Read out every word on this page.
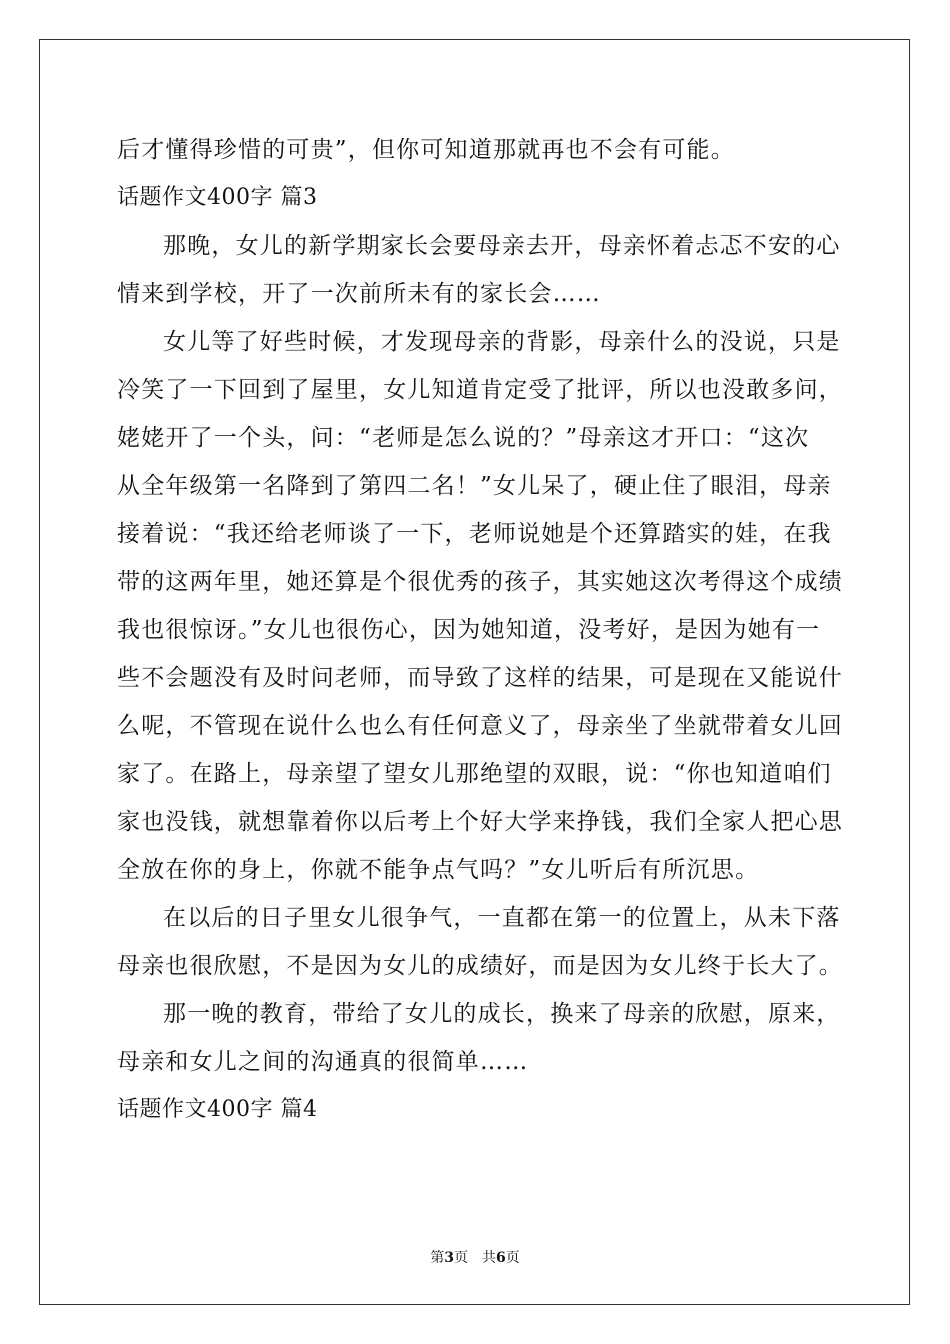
后才懂得珍惜的可贵”，但你可知道那就再也不会有可能。
话题作文400字 篇3
那晚，女儿的新学期家长会要母亲去开，母亲怀着忐忑不安的心
情来到学校，开了一次前所未有的家长会……
女儿等了好些时候，才发现母亲的背影，母亲什么的没说，只是
冷笑了一下回到了屋里，女儿知道肯定受了批评，所以也没敢多问，
姥姥开了一个头，问：“老师是怎么说的？”母亲这才开口：“这次
从全年级第一名降到了第四二名！”女儿呆了，硬止住了眼泪，母亲
接着说：“我还给老师谈了一下，老师说她是个还算踏实的娃，在我
带的这两年里，她还算是个很优秀的孩子，其实她这次考得这个成绩
我也很惊讶。”女儿也很伤心，因为她知道，没考好，是因为她有一
些不会题没有及时问老师，而导致了这样的结果，可是现在又能说什
么呢，不管现在说什么也么有任何意义了，母亲坐了坐就带着女儿回
家了。在路上，母亲望了望女儿那绝望的双眼，说：“你也知道咱们
家也没钱，就想靠着你以后考上个好大学来挣钱，我们全家人把心思
全放在你的身上，你就不能争点气吗？”女儿听后有所沉思。
在以后的日子里女儿很争气，一直都在第一的位置上，从未下落
母亲也很欣慰，不是因为女儿的成绩好，而是因为女儿终于长大了。
那一晚的教育，带给了女儿的成长，换来了母亲的欣慰，原来，
母亲和女儿之间的沟通真的很简单……
话题作文400字 篇4
第3页 共6页
